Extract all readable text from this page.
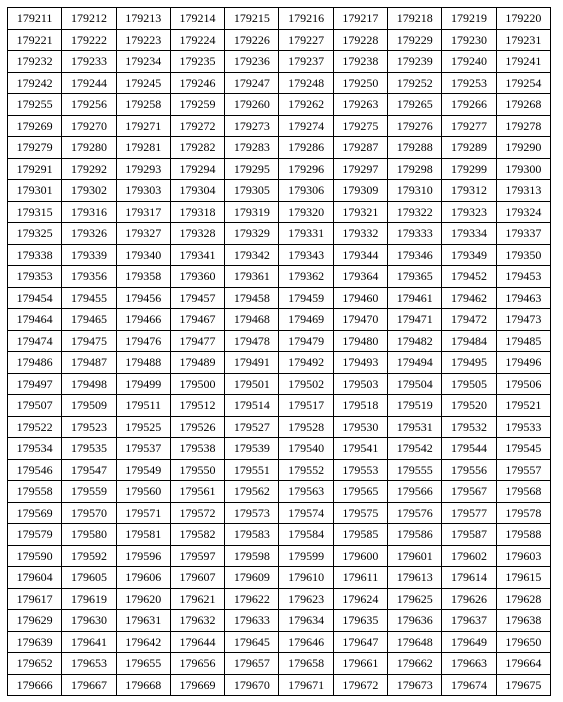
179211	179212	179213	179214	179215	179216	179217	179218	179219	179220
179221	179222	179223	179224	179226	179227	179228	179229	179230	179231
179232	179233	179234	179235	179236	179237	179238	179239	179240	179241
179242	179244	179245	179246	179247	179248	179250	179252	179253	179254
179255	179256	179258	179259	179260	179262	179263	179265	179266	179268
179269	179270	179271	179272	179273	179274	179275	179276	179277	179278
179279	179280	179281	179282	179283	179286	179287	179288	179289	179290
179291	179292	179293	179294	179295	179296	179297	179298	179299	179300
179301	179302	179303	179304	179305	179306	179309	179310	179312	179313
179315	179316	179317	179318	179319	179320	179321	179322	179323	179324
179325	179326	179327	179328	179329	179331	179332	179333	179334	179337
179338	179339	179340	179341	179342	179343	179344	179346	179349	179350
179353	179356	179358	179360	179361	179362	179364	179365	179452	179453
179454	179455	179456	179457	179458	179459	179460	179461	179462	179463
179464	179465	179466	179467	179468	179469	179470	179471	179472	179473
179474	179475	179476	179477	179478	179479	179480	179482	179484	179485
179486	179487	179488	179489	179491	179492	179493	179494	179495	179496
179497	179498	179499	179500	179501	179502	179503	179504	179505	179506
179507	179509	179511	179512	179514	179517	179518	179519	179520	179521
179522	179523	179525	179526	179527	179528	179530	179531	179532	179533
179534	179535	179537	179538	179539	179540	179541	179542	179544	179545
179546	179547	179549	179550	179551	179552	179553	179555	179556	179557
179558	179559	179560	179561	179562	179563	179565	179566	179567	179568
179569	179570	179571	179572	179573	179574	179575	179576	179577	179578
179579	179580	179581	179582	179583	179584	179585	179586	179587	179588
179590	179592	179596	179597	179598	179599	179600	179601	179602	179603
179604	179605	179606	179607	179609	179610	179611	179613	179614	179615
179617	179619	179620	179621	179622	179623	179624	179625	179626	179628
179629	179630	179631	179632	179633	179634	179635	179636	179637	179638
179639	179641	179642	179644	179645	179646	179647	179648	179649	179650
179652	179653	179655	179656	179657	179658	179661	179662	179663	179664
179666	179667	179668	179669	179670	179671	179672	179673	179674	179675
